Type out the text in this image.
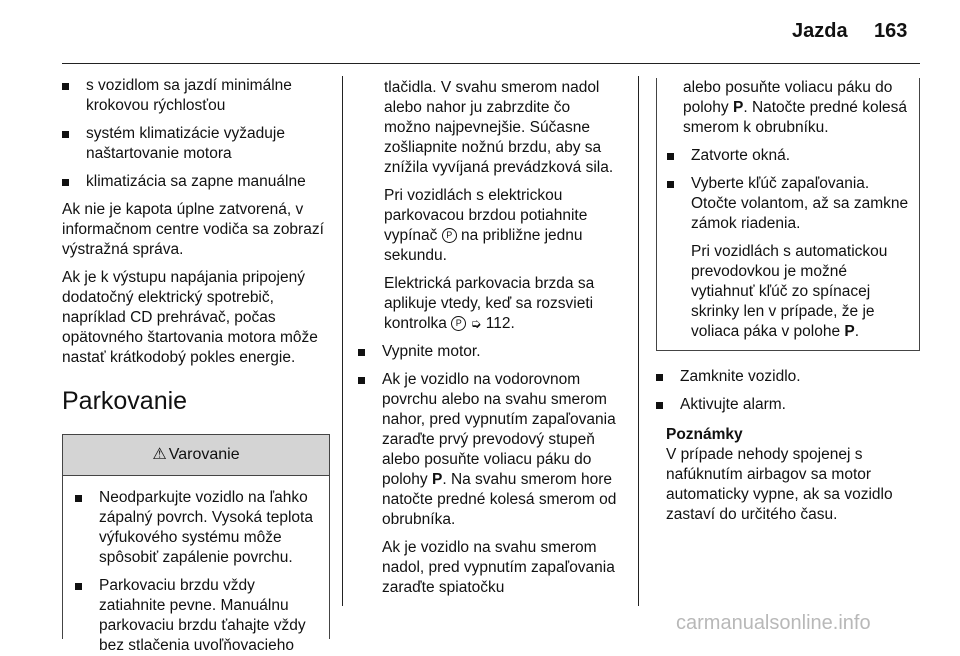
Jazda 163
s vozidlom sa jazdí minimálne krokovou rýchlosťou
systém klimatizácie vyžaduje naštartovanie motora
klimatizácia sa zapne manuálne

Ak nie je kapota úplne zatvorená, v informačnom centre vodiča sa zobrazí výstražná správa.

Ak je k výstupu napájania pripojený dodatočný elektrický spotrebič, napríklad CD prehrávač, počas opätovného štartovania motora môže nastať krátkodobý pokles energie.

Parkovanie
⚠ Varovanie
Neodparkujte vozidlo na ľahko zápalný povrch. Vysoká teplota výfukového systému môže spôsobiť zapálenie povrchu.
Parkovaciu brzdu vždy zatiahnite pevne. Manuálnu parkovaciu brzdu ťahajte vždy bez stlačenia uvoľňovacieho

tlačidla. V svahu smerom nadol alebo nahor ju zabrzdite čo možno najpevnejšie. Súčasne zošliapnite nožnú brzdu, aby sa znížila vyvíjaná prevádzková sila.

Pri vozidlách s elektrickou parkovacou brzdou potiahnite vypínač P na približne jednu sekundu.

Elektrická parkovacia brzda sa aplikuje vtedy, keď sa rozsvieti kontrolka P ➭ 112.

Vypnite motor.
Ak je vozidlo na vodorovnom povrchu alebo na svahu smerom nahor, pred vypnutím zapaľovania zaraďte prvý prevodový stupeň alebo posuňte voliacu páku do polohy P. Na svahu smerom hore natočte predné kolesá smerom od obrubníka.

Ak je vozidlo na svahu smerom nadol, pred vypnutím zapaľovania zaraďte spiatočku

alebo posuňte voliacu páku do polohy P. Natočte predné kolesá smerom k obrubníku.

Zatvorte okná.
Vyberte kľúč zapaľovania. Otočte volantom, až sa zamkne zámok riadenia.

Pri vozidlách s automatickou prevodovkou je možné vytiahnuť kľúč zo spínacej skrinky len v prípade, že je voliaca páka v polohe P.

Zamknite vozidlo.
Aktivujte alarm.

Poznámky

V prípade nehody spojenej s nafúknutím airbagov sa motor automaticky vypne, ak sa vozidlo zastaví do určitého času.

carmanualsonline.info
